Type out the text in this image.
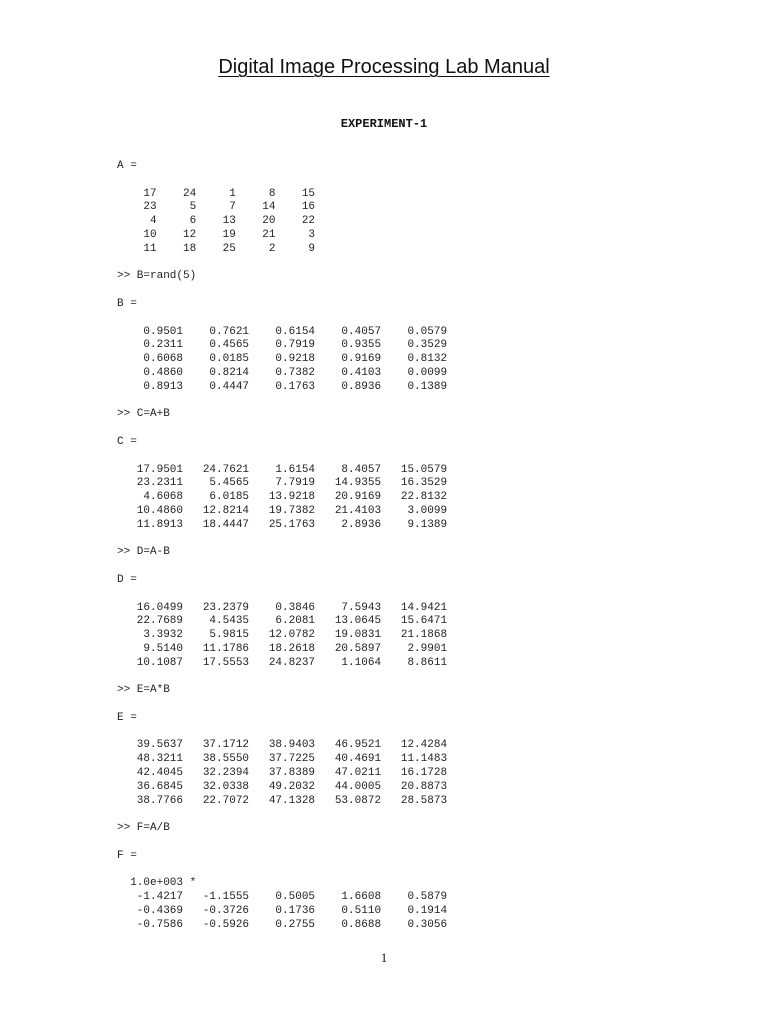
Digital Image Processing Lab Manual
EXPERIMENT-1
A =
17    24     1     8    15
23     5     7    14    16
4     6    13    20    22
10    12    19    21     3
11    18    25     2     9
>> B=rand(5)
B =
0.9501    0.7621    0.6154    0.4057    0.0579
0.2311    0.4565    0.7919    0.9355    0.3529
0.6068    0.0185    0.9218    0.9169    0.8132
0.4860    0.8214    0.7382    0.4103    0.0099
0.8913    0.4447    0.1763    0.8936    0.1389
>> C=A+B
C =
17.9501   24.7621    1.6154    8.4057   15.0579
23.2311    5.4565    7.7919   14.9355   16.3529
4.6068    6.0185   13.9218   20.9169   22.8132
10.4860   12.8214   19.7382   21.4103    3.0099
11.8913   18.4447   25.1763    2.8936    9.1389
>> D=A-B
D =
16.0499   23.2379    0.3846    7.5943   14.9421
22.7689    4.5435    6.2081   13.0645   15.6471
3.3932    5.9815   12.0782   19.0831   21.1868
9.5140   11.1786   18.2618   20.5897    2.9901
10.1087   17.5553   24.8237    1.1064    8.8611
>> E=A*B
E =
39.5637   37.1712   38.9403   46.9521   12.4284
48.3211   38.5550   37.7225   40.4691   11.1483
42.4045   32.2394   37.8389   47.0211   16.1728
36.6845   32.0338   49.2032   44.0005   20.8873
38.7766   22.7072   47.1328   53.0872   28.5873
>> F=A/B
F =
1.0e+003 *
-1.4217   -1.1555    0.5005    1.6608    0.5879
-0.4369   -0.3726    0.1736    0.5110    0.1914
-0.7586   -0.5926    0.2755    0.8688    0.3056
1
